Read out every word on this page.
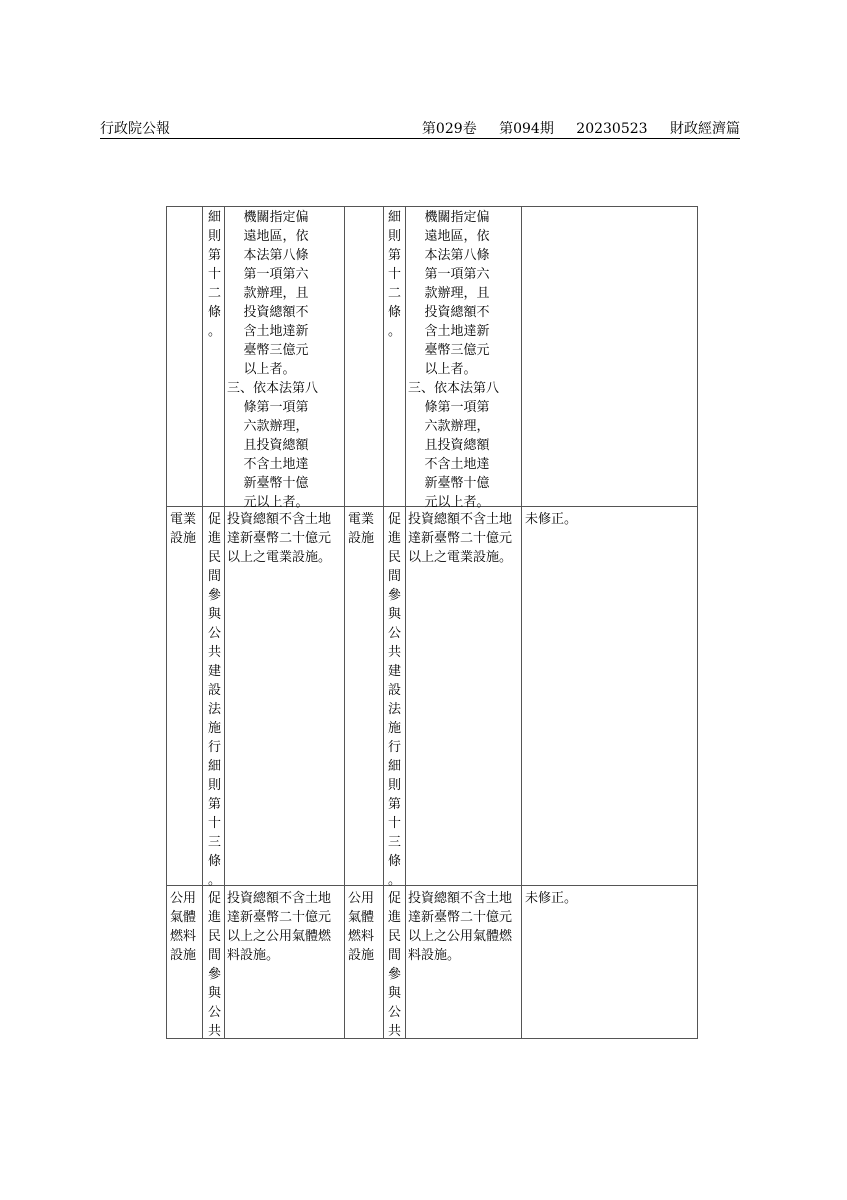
行政院公報	第029卷 第094期 20230523 財政經濟篇
細
則
第
十
二
條
。
機關指定偏
遠地區，依
本法第八條
第一項第六
款辦理，且
投資總額不
含土地達新
臺幣三億元
以上者。
三、依本法第八
條第一項第
六款辦理，
且投資總額
不含土地達
新臺幣十億
元以上者。
細
則
第
十
二
條
。
機關指定偏
遠地區，依
本法第八條
第一項第六
款辦理，且
投資總額不
含土地達新
臺幣三億元
以上者。
三、依本法第八
條第一項第
六款辦理，
且投資總額
不含土地達
新臺幣十億
元以上者。
電業
設施
促
進
民
間
參
與
公
共
建
設
法
施
行
細
則
第
十
三
條
。
投資總額不含土地
達新臺幣二十億元
以上之電業設施。
電業
設施
促
進
民
間
參
與
公
共
建
設
法
施
行
細
則
第
十
三
條
。
投資總額不含土地
達新臺幣二十億元
以上之電業設施。
未修正。
公用
氣體
燃料
設施
促
進
民
間
參
與
公
共
投資總額不含土地
達新臺幣二十億元
以上之公用氣體燃
料設施。
公用
氣體
燃料
設施
促
進
民
間
參
與
公
共
投資總額不含土地
達新臺幣二十億元
以上之公用氣體燃
料設施。
未修正。
